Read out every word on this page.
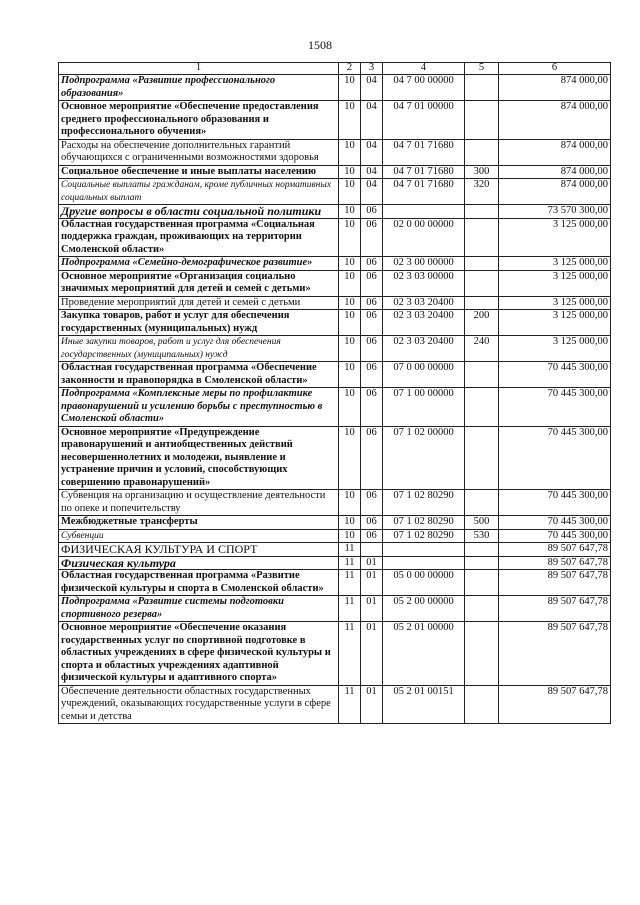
1508
1	2	3	4	5	6
Подпрограмма «Развитие профессионального образования»	10	04	04 7 00 00000		874 000,00
Основное мероприятие «Обеспечение предоставления среднего профессионального образования и профессионального обучения»	10	04	04 7 01 00000		874 000,00
Расходы на обеспечение дополнительных гарантий обучающихся с ограниченными возможностями здоровья	10	04	04 7 01 71680		874 000,00
Социальное обеспечение и иные выплаты населению	10	04	04 7 01 71680	300	874 000,00
Социальные выплаты гражданам, кроме публичных нормативных социальных выплат	10	04	04 7 01 71680	320	874 000,00
Другие вопросы в области социальной политики	10	06			73 570 300,00
Областная государственная программа «Социальная поддержка граждан, проживающих на территории Смоленской области»	10	06	02 0 00 00000		3 125 000,00
Подпрограмма «Семейно-демографическое развитие»	10	06	02 3 00 00000		3 125 000,00
Основное мероприятие «Организация социально значимых мероприятий для детей и семей с детьми»	10	06	02 3 03 00000		3 125 000,00
Проведение мероприятий для детей и семей с детьми	10	06	02 3 03 20400		3 125 000,00
Закупка товаров, работ и услуг для обеспечения государственных (муниципальных) нужд	10	06	02 3 03 20400	200	3 125 000,00
Иные закупки товаров, работ и услуг для обеспечения государственных (муниципальных) нужд	10	06	02 3 03 20400	240	3 125 000,00
Областная государственная программа «Обеспечение законности и правопорядка в Смоленской области»	10	06	07 0 00 00000		70 445 300,00
Подпрограмма «Комплексные меры по профилактике правонарушений и усилению борьбы с преступностью в Смоленской области»	10	06	07 1 00 00000		70 445 300,00
Основное мероприятие «Предупреждение правонарушений и антиобщественных действий несовершеннолетних и молодежи, выявление и устранение причин и условий, способствующих совершению правонарушений»	10	06	07 1 02 00000		70 445 300,00
Субвенция на организацию и осуществление деятельности по опеке и попечительству	10	06	07 1 02 80290		70 445 300,00
Межбюджетные трансферты	10	06	07 1 02 80290	500	70 445 300,00
Субвенции	10	06	07 1 02 80290	530	70 445 300,00
ФИЗИЧЕСКАЯ КУЛЬТУРА И СПОРТ	11				89 507 647,78
Физическая культура	11	01			89 507 647,78
Областная государственная программа «Развитие физической культуры и спорта в Смоленской области»	11	01	05 0 00 00000		89 507 647,78
Подпрограмма «Развитие системы подготовки спортивного резерва»	11	01	05 2 00 00000		89 507 647,78
Основное мероприятие «Обеспечение оказания государственных услуг по спортивной подготовке в областных учреждениях в сфере физической культуры и спорта и областных учреждениях адаптивной физической культуры и адаптивного спорта»	11	01	05 2 01 00000		89 507 647,78
Обеспечение деятельности областных государственных учреждений, оказывающих государственные услуги в сфере семьи и детства	11	01	05 2 01 00151		89 507 647,78
